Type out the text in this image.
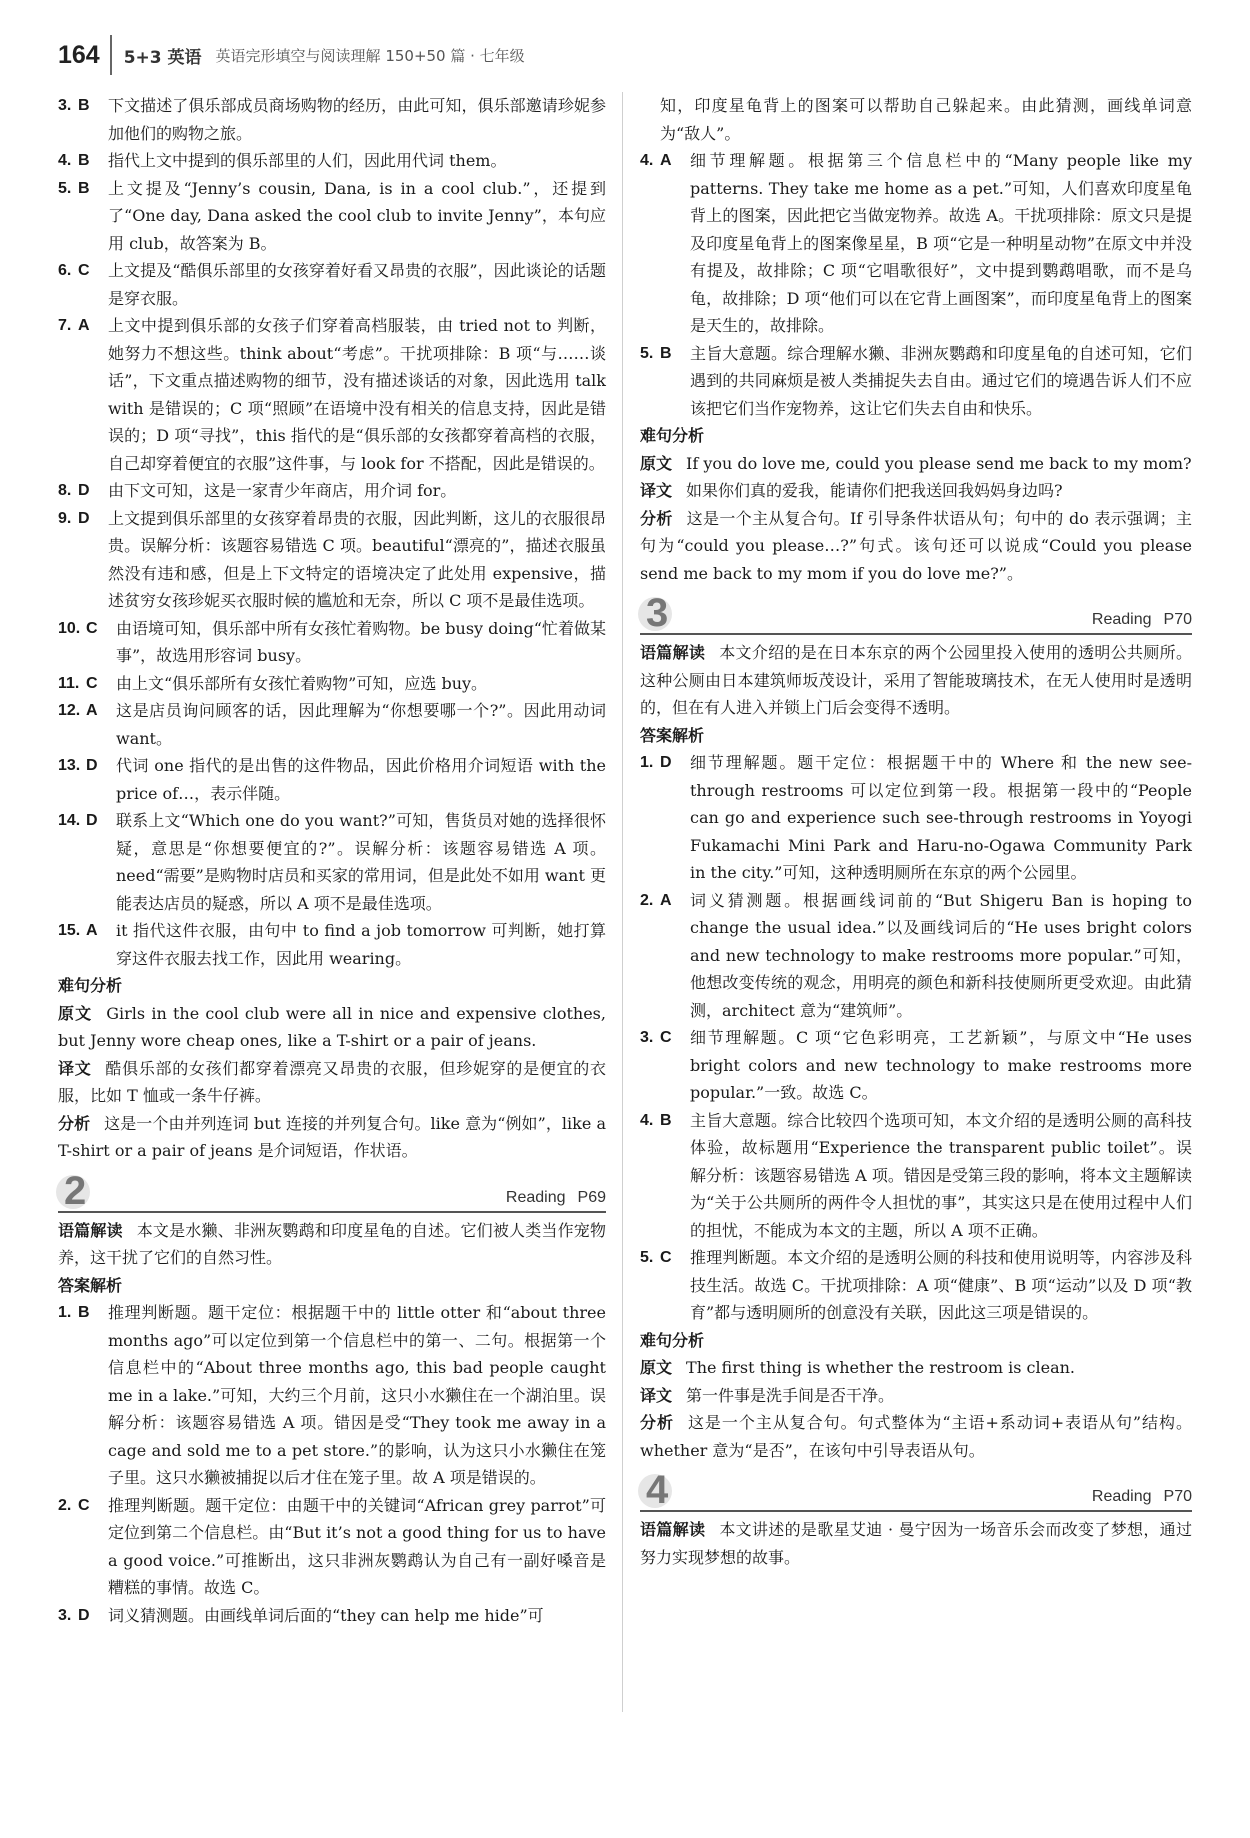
164 5+3 英语 英语完形填空与阅读理解 150+50 篇 · 七年级
3. B	下文描述了俱乐部成员商场购物的经历，由此可知，俱乐部邀请珍妮参加他们的购物之旅。
4. B	指代上文中提到的俱乐部里的人们，因此用代词 them。
5. B	上文提及“Jenny’s cousin, Dana, is in a cool club.”，还提到了“One day, Dana asked the cool club to invite Jenny”，本句应用 club，故答案为 B。
6. C	上文提及“酷俱乐部里的女孩穿着好看又昂贵的衣服”，因此谈论的话题是穿衣服。
7. A	上文中提到俱乐部的女孩子们穿着高档服装，由 tried not to 判断，她努力不想这些。think about“考虑”。干扰项排除：B 项“与……谈话”，下文重点描述购物的细节，没有描述谈话的对象，因此选用 talk with 是错误的；C 项“照顾”在语境中没有相关的信息支持，因此是错误的；D 项“寻找”，this 指代的是“俱乐部的女孩都穿着高档的衣服，自己却穿着便宜的衣服”这件事，与 look for 不搭配，因此是错误的。
8. D	由下文可知，这是一家青少年商店，用介词 for。
9. D	上文提到俱乐部里的女孩穿着昂贵的衣服，因此判断，这儿的衣服很昂贵。误解分析：该题容易错选 C 项。beautiful“漂亮的”，描述衣服虽然没有违和感，但是上下文特定的语境决定了此处用 expensive，描述贫穷女孩珍妮买衣服时候的尴尬和无奈，所以 C 项不是最佳选项。
10. C	由语境可知，俱乐部中所有女孩忙着购物。be busy doing“忙着做某事”，故选用形容词 busy。
11. C	由上文“俱乐部所有女孩忙着购物”可知，应选 buy。
12. A	这是店员询问顾客的话，因此理解为“你想要哪一个?”。因此用动词 want。
13. D	代词 one 指代的是出售的这件物品，因此价格用介词短语 with the price of…，表示伴随。
14. D	联系上文“Which one do you want?”可知，售货员对她的选择很怀疑，意思是“你想要便宜的?”。误解分析：该题容易错选 A 项。need“需要”是购物时店员和买家的常用词，但是此处不如用 want 更能表达店员的疑惑，所以 A 项不是最佳选项。
15. A	it 指代这件衣服，由句中 to find a job tomorrow 可判断，她打算穿这件衣服去找工作，因此用 wearing。
难句分析
原文 Girls in the cool club were all in nice and expensive clothes, but Jenny wore cheap ones, like a T-shirt or a pair of jeans.
译文 酷俱乐部的女孩们都穿着漂亮又昂贵的衣服，但珍妮穿的是便宜的衣服，比如 T 恤或一条牛仔裤。
分析 这是一个由并列连词 but 连接的并列复合句。like 意为“例如”，like a T-shirt or a pair of jeans 是介词短语，作状语。
2	Reading P69
语篇解读 本文是水獭、非洲灰鹦鹉和印度星龟的自述。它们被人类当作宠物养，这干扰了它们的自然习性。
答案解析
1. B	推理判断题。题干定位：根据题干中的 little otter 和“about three months ago”可以定位到第一个信息栏中的第一、二句。根据第一个信息栏中的“About three months ago, this bad people caught me in a lake.”可知，大约三个月前，这只小水獭住在一个湖泊里。误解分析：该题容易错选 A 项。错因是受“They took me away in a cage and sold me to a pet store.”的影响，认为这只小水獭住在笼子里。这只水獭被捕捉以后才住在笼子里。故 A 项是错误的。
2. C	推理判断题。题干定位：由题干中的关键词“African grey parrot”可定位到第二个信息栏。由“But it’s not a good thing for us to have a good voice.”可推断出，这只非洲灰鹦鹉认为自己有一副好嗓音是糟糕的事情。故选 C。
3. D	词义猜测题。由画线单词后面的“they can help me hide”可
知，印度星龟背上的图案可以帮助自己躲起来。由此猜测，画线单词意为“敌人”。
4. A	细节理解题。根据第三个信息栏中的“Many people like my patterns. They take me home as a pet.”可知，人们喜欢印度星龟背上的图案，因此把它当做宠物养。故选 A。干扰项排除：原文只是提及印度星龟背上的图案像星星，B 项“它是一种明星动物”在原文中并没有提及，故排除；C 项“它唱歌很好”，文中提到鹦鹉唱歌，而不是乌龟，故排除；D 项“他们可以在它背上画图案”，而印度星龟背上的图案是天生的，故排除。
5. B	主旨大意题。综合理解水獭、非洲灰鹦鹉和印度星龟的自述可知，它们遇到的共同麻烦是被人类捕捉失去自由。通过它们的境遇告诉人们不应该把它们当作宠物养，这让它们失去自由和快乐。
难句分析
原文 If you do love me, could you please send me back to my mom?
译文 如果你们真的爱我，能请你们把我送回我妈妈身边吗?
分析 这是一个主从复合句。If 引导条件状语从句；句中的 do 表示强调；主句为“could you please…?”句式。该句还可以说成“Could you please send me back to my mom if you do love me?”。
3	Reading P70
语篇解读 本文介绍的是在日本东京的两个公园里投入使用的透明公共厕所。这种公厕由日本建筑师坂茂设计，采用了智能玻璃技术，在无人使用时是透明的，但在有人进入并锁上门后会变得不透明。
答案解析
1. D	细节理解题。题干定位：根据题干中的 Where 和 the new see-through restrooms 可以定位到第一段。根据第一段中的“People can go and experience such see-through restrooms in Yoyogi Fukamachi Mini Park and Haru-no-Ogawa Community Park in the city.”可知，这种透明厕所在东京的两个公园里。
2. A	词义猜测题。根据画线词前的“But Shigeru Ban is hoping to change the usual idea.”以及画线词后的“He uses bright colors and new technology to make restrooms more popular.”可知，他想改变传统的观念，用明亮的颜色和新科技使厕所更受欢迎。由此猜测，architect 意为“建筑师”。
3. C	细节理解题。C 项“它色彩明亮，工艺新颖”，与原文中“He uses bright colors and new technology to make restrooms more popular.”一致。故选 C。
4. B	主旨大意题。综合比较四个选项可知，本文介绍的是透明公厕的高科技体验，故标题用“Experience the transparent public toilet”。误解分析：该题容易错选 A 项。错因是受第三段的影响，将本文主题解读为“关于公共厕所的两件令人担忧的事”，其实这只是在使用过程中人们的担忧，不能成为本文的主题，所以 A 项不正确。
5. C	推理判断题。本文介绍的是透明公厕的科技和使用说明等，内容涉及科技生活。故选 C。干扰项排除：A 项“健康”、B 项“运动”以及 D 项“教育”都与透明厕所的创意没有关联，因此这三项是错误的。
难句分析
原文 The first thing is whether the restroom is clean.
译文 第一件事是洗手间是否干净。
分析 这是一个主从复合句。句式整体为“主语+系动词+表语从句”结构。whether 意为“是否”，在该句中引导表语从句。
4	Reading P70
语篇解读 本文讲述的是歌星艾迪 · 曼宁因为一场音乐会而改变了梦想，通过努力实现梦想的故事。
